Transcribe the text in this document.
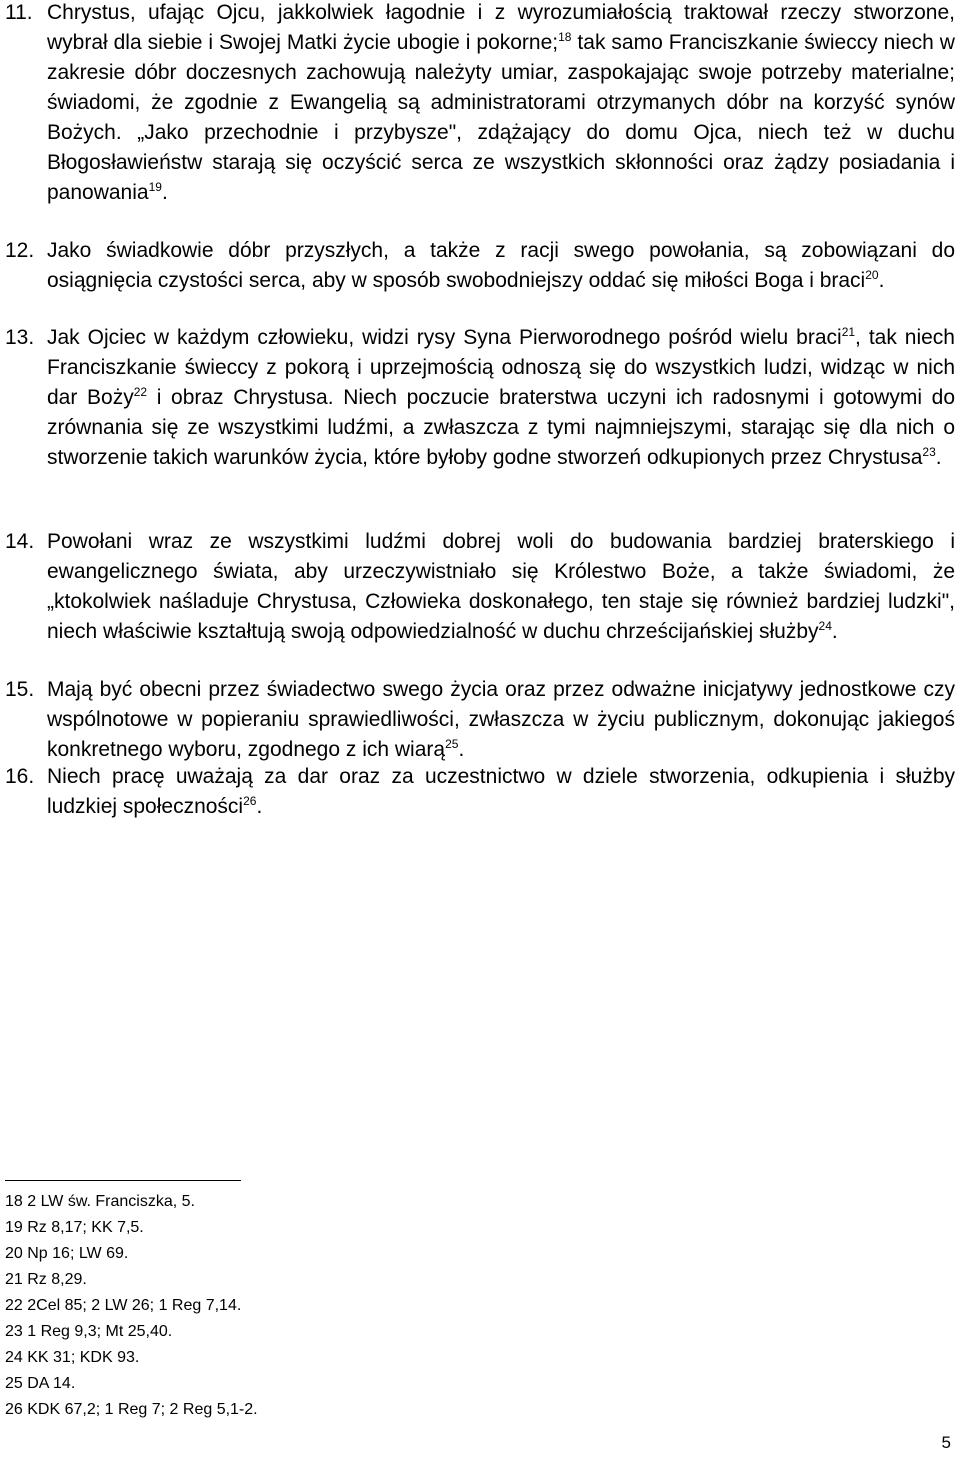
11. Chrystus, ufając Ojcu, jakkolwiek łagodnie i z wyrozumiałością traktował rzeczy stworzone, wybrał dla siebie i Swojej Matki życie ubogie i pokorne;$^{18}$ tak samo Franciszkanie świeccy niech w zakresie dóbr doczesnych zachowują należyty umiar, zaspokajając swoje potrzeby materialne; świadomi, że zgodnie z Ewangelią są administratorami otrzymanych dóbr na korzyść synów Bożych. „Jako przechodnie i przybysze", zdążający do domu Ojca, niech też w duchu Błogosławieństw starają się oczyścić serca ze wszystkich skłonności oraz żądzy posiadania i panowania$^{19}$.
12. Jako świadkowie dóbr przyszłych, a także z racji swego powołania, są zobowiązani do osiągnięcia czystości serca, aby w sposób swobodniejszy oddać się miłości Boga i braci$^{20}$.
13. Jak Ojciec w każdym człowieku, widzi rysy Syna Pierworodnego pośród wielu braci$^{21}$, tak niech Franciszkanie świeccy z pokorą i uprzejmością odnoszą się do wszystkich ludzi, widząc w nich dar Boży$^{22}$ i obraz Chrystusa. Niech poczucie braterstwa uczyni ich radosnymi i gotowymi do zrównania się ze wszystkimi ludźmi, a zwłaszcza z tymi najmniejszymi, starając się dla nich o stworzenie takich warunków życia, które byłoby godne stworzeń odkupionych przez Chrystusa$^{23}$.
14. Powołani wraz ze wszystkimi ludźmi dobrej woli do budowania bardziej braterskiego i ewangelicznego świata, aby urzeczywistniało się Królestwo Boże, a także świadomi, że „ktokolwiek naśladuje Chrystusa, Człowieka doskonałego, ten staje się również bardziej ludzki", niech właściwie kształtują swoją odpowiedzialność w duchu chrześcijańskiej służby$^{24}$.
15. Mają być obecni przez świadectwo swego życia oraz przez odważne inicjatywy jednostkowe czy wspólnotowe w popieraniu sprawiedliwości, zwłaszcza w życiu publicznym, dokonując jakiegoś konkretnego wyboru, zgodnego z ich wiarą$^{25}$.
16. Niech pracę uważają za dar oraz za uczestnictwo w dziele stworzenia, odkupienia i służby ludzkiej społeczności$^{26}$.
18 2 LW św. Franciszka, 5.
19 Rz 8,17; KK 7,5.
20 Np 16; LW 69.
21 Rz 8,29.
22 2Cel 85; 2 LW 26; 1 Reg 7,14.
23 1 Reg 9,3; Mt 25,40.
24 KK 31; KDK 93.
25 DA 14.
26 KDK 67,2; 1 Reg 7; 2 Reg 5,1-2.
5
